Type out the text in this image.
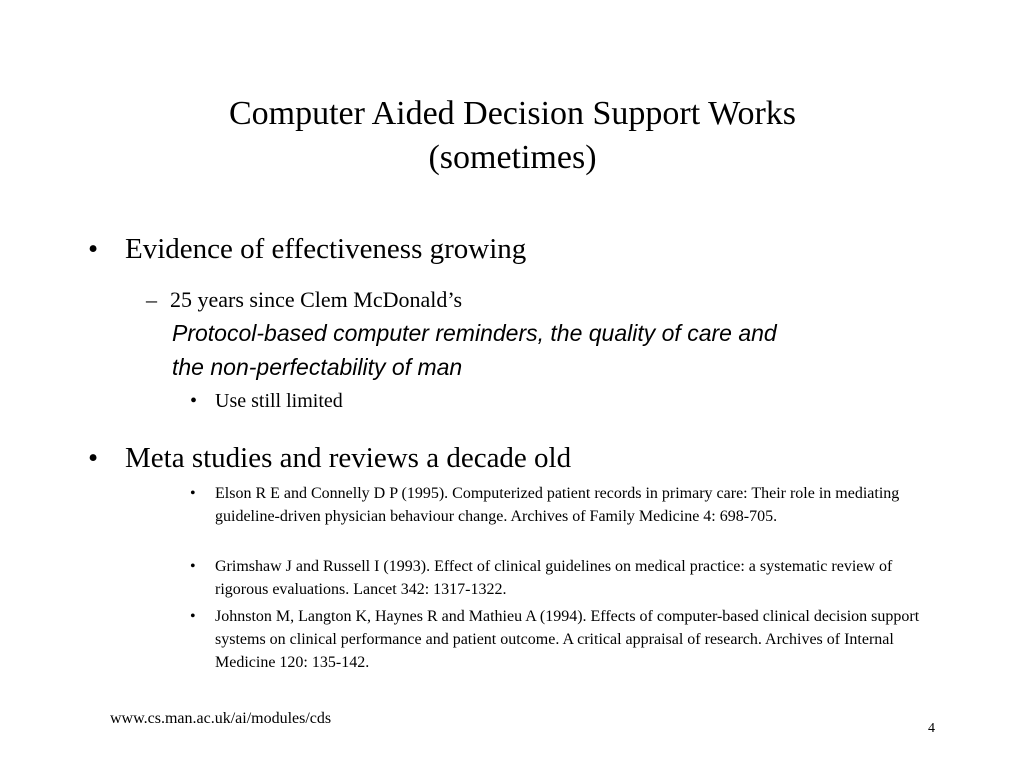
Computer Aided Decision Support Works
(sometimes)
• Evidence of effectiveness growing
– 25 years since Clem McDonald’s
Protocol-based computer reminders, the quality of care and
the non-perfectability of man
• Use still limited
• Meta studies and reviews a decade old
• Elson R E and Connelly D P (1995). Computerized patient records in primary care: Their role in mediating guideline-driven physician behaviour change. Archives of Family Medicine 4: 698-705.
• Grimshaw J and Russell I (1993). Effect of clinical guidelines on medical practice: a systematic review of rigorous evaluations. Lancet 342: 1317-1322.
• Johnston M, Langton K, Haynes R and Mathieu A (1994). Effects of computer-based clinical decision support systems on clinical performance and patient outcome. A critical appraisal of research. Archives of Internal Medicine 120: 135-142.
www.cs.man.ac.uk/ai/modules/cds
4
